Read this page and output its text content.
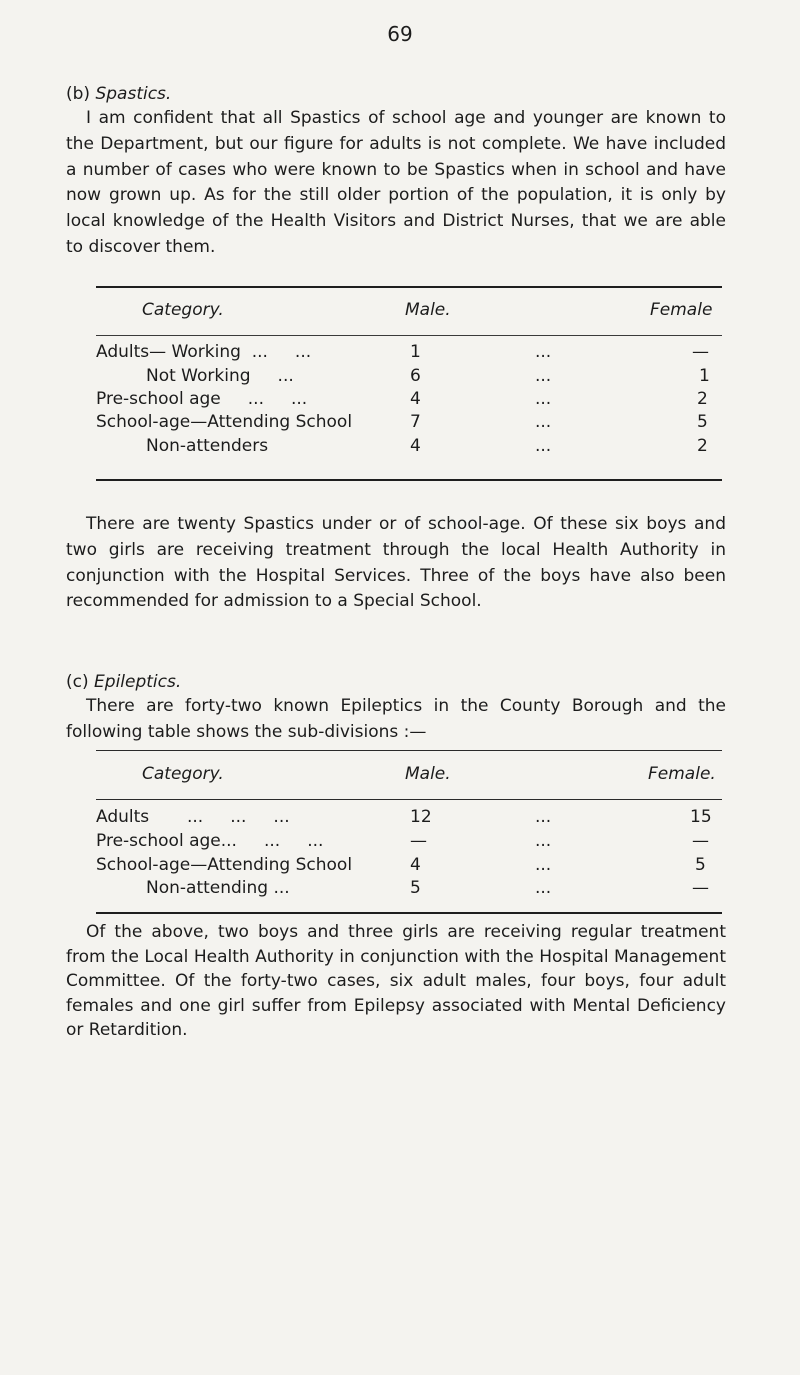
69
(b) Spastics.

I am confident that all Spastics of school age and younger are known to the Department, but our figure for adults is not complete. We have included a number of cases who were known to be Spastics when in school and have now grown up. As for the still older portion of the population, it is only by local knowledge of the Health Visitors and District Nurses, that we are able to discover them.

Category.	Male.	Female
Adults— Working  ...     ...	1	...	—
Not Working     ...	6	...	1
Pre-school age     ...     ...	4	...	2
School-age—Attending School	7	...	5
Non-attenders	4	...	2

There are twenty Spastics under or of school-age. Of these six boys and two girls are receiving treatment through the local Health Authority in conjunction with the Hospital Services. Three of the boys have also been recommended for admission to a Special School.

(c) Epileptics.

There are forty-two known Epileptics in the County Borough and the following table shows the sub-divisions :—

Category.	Male.	Female.
Adults       ...     ...     ...	12	...	15
Pre-school age...     ...     ...	—	...	—
School-age—Attending School	4	...	5
Non-attending ...	5	...	—

Of the above, two boys and three girls are receiving regular treatment from the Local Health Authority in conjunction with the Hospital Management Committee. Of the forty-two cases, six adult males, four boys, four adult females and one girl suffer from Epilepsy associated with Mental Deficiency or Retardition.
